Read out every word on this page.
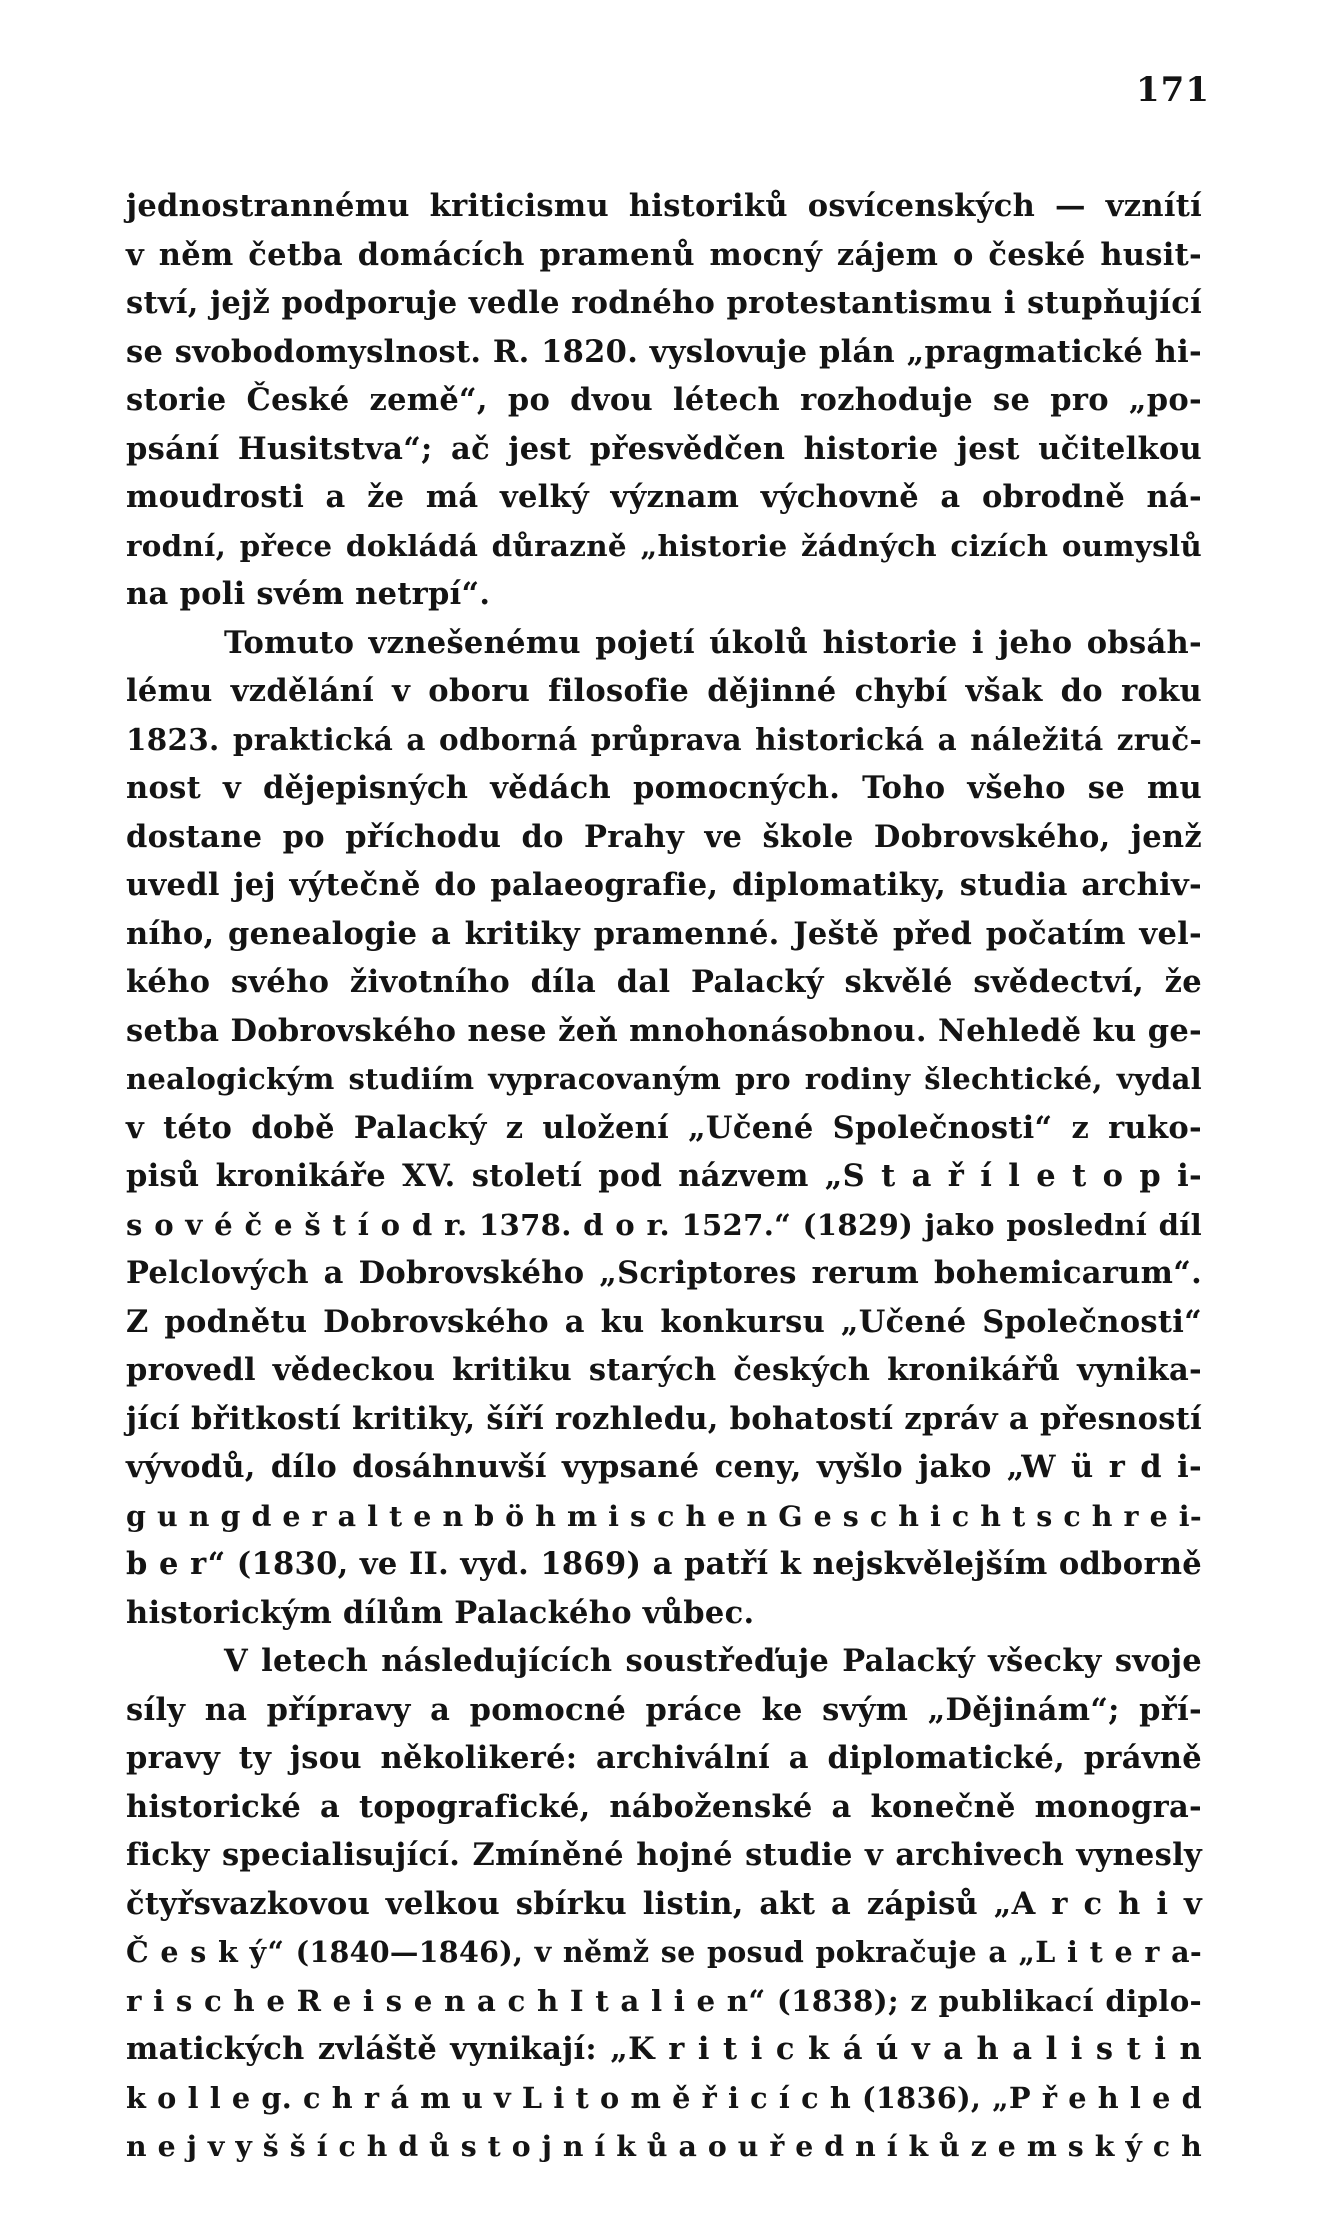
171
jednostrannému kriticismu historiků osvícenských — vznítí
v něm četba domácích pramenů mocný zájem o české husit-
ství, jejž podporuje vedle rodného protestantismu i stupňující
se svobodomyslnost. R. 1820. vyslovuje plán „pragmatické hi-
storie České země“, po dvou létech rozhoduje se pro „po-
psání Husitstva“; ač jest přesvědčen historie jest učitelkou
moudrosti a že má velký význam výchovně a obrodně ná-
rodní, přece dokládá důrazně „historie žádných cizích oumyslů
na poli svém netrpí“.
Tomuto vznešenému pojetí úkolů historie i jeho obsáh-
lému vzdělání v oboru filosofie dějinné chybí však do roku
1823. praktická a odborná průprava historická a náležitá zruč-
nost v dějepisných vědách pomocných. Toho všeho se mu
dostane po příchodu do Prahy ve škole Dobrovského, jenž
uvedl jej výtečně do palaeografie, diplomatiky, studia archiv-
ního, genealogie a kritiky pramenné. Ještě před počatím vel-
kého svého životního díla dal Palacký skvělé svědectví, že
setba Dobrovského nese žeň mnohonásobnou. Nehledě ku ge-
nealogickým studiím vypracovaným pro rodiny šlechtické, vydal
v této době Palacký z uložení „Učené Společnosti“ z ruko-
pisů kronikáře XV. století pod názvem „S t a ř í l e t o p i-
s o v é č e š t í o d r. 1378. d o r. 1527.“ (1829) jako poslední díl
Pelclových a Dobrovského „Scriptores rerum bohemicarum“.
Z podnětu Dobrovského a ku konkursu „Učené Společnosti“
provedl vědeckou kritiku starých českých kronikářů vynika-
jící břitkostí kritiky, šíří rozhledu, bohatostí zpráv a přesností
vývodů, dílo dosáhnuvší vypsané ceny, vyšlo jako „W ü r d i-
g u n g d e r a l t e n b ö h m i s c h e n G e s c h i c h t s c h r e i-
b e r“ (1830, ve II. vyd. 1869) a patří k nejskvělejším odborně
historickým dílům Palackého vůbec.
V letech následujících soustřeďuje Palacký všecky svoje
síly na přípravy a pomocné práce ke svým „Dějinám“; pří-
pravy ty jsou několikeré: archivální a diplomatické, právně
historické a topografické, náboženské a konečně monogra-
ficky specialisující. Zmíněné hojné studie v archivech vynesly
čtyřsvazkovou velkou sbírku listin, akt a zápisů „A r c h i v
Č e s k ý“ (1840—1846), v němž se posud pokračuje a „L i t e r a-
r i s c h e R e i s e n a c h I t a l i e n“ (1838); z publikací diplo-
matických zvláště vynikají: „K r i t i c k á ú v a h a l i s t i n
k o l l e g. c h r á m u v L i t o m ě ř i c í c h (1836), „P ř e h l e d
n e j v y š š í c h d ů s t o j n í k ů a o u ř e d n í k ů z e m s k ý c h
